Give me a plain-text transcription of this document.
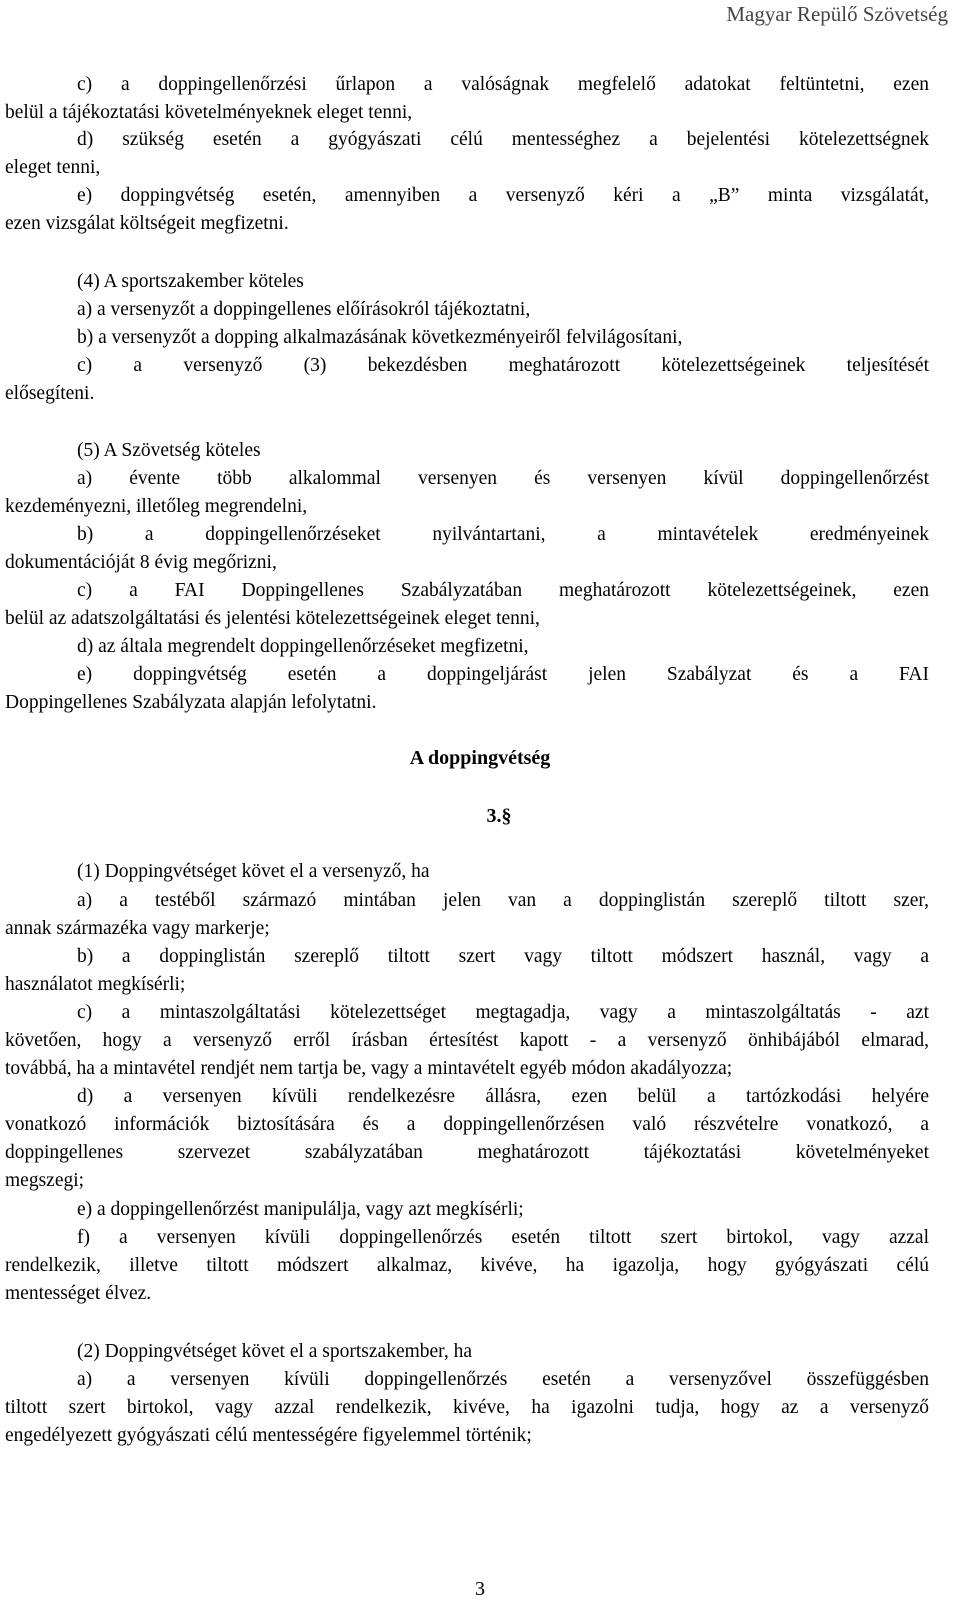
Magyar Repülő Szövetség
c) a doppingellenőrzési űrlapon a valóságnak megfelelő adatokat feltüntetni, ezen
belül a tájékoztatási követelményeknek eleget tenni,
d) szükség esetén a gyógyászati célú mentességhez a bejelentési kötelezettségnek
eleget tenni,
e) doppingvétség esetén, amennyiben a versenyző kéri a „B” minta vizsgálatát,
ezen vizsgálat költségeit megfizetni.
(4) A sportszakember köteles
a) a versenyzőt a doppingellenes előírásokról tájékoztatni,
b) a versenyzőt a dopping alkalmazásának következményeiről felvilágosítani,
c) a versenyző (3) bekezdésben meghatározott kötelezettségeinek teljesítését
elősegíteni.
(5) A Szövetség köteles
a) évente több alkalommal versenyen és versenyen kívül doppingellenőrzést
kezdeményezni, illetőleg megrendelni,
b) a doppingellenőrzéseket nyilvántartani, a mintavételek eredményeinek
dokumentációját 8 évig megőrizni,
c) a FAI Doppingellenes Szabályzatában meghatározott kötelezettségeinek, ezen
belül az adatszolgáltatási és jelentési kötelezettségeinek eleget tenni,
d) az általa megrendelt doppingellenőrzéseket megfizetni,
e) doppingvétség esetén a doppingeljárást jelen Szabályzat és a FAI
Doppingellenes Szabályzata alapján lefolytatni.
A doppingvétség
3.§
(1) Doppingvétséget követ el a versenyző, ha
a) a testéből származó mintában jelen van a doppinglistán szereplő tiltott szer,
annak származéka vagy markerje;
b) a doppinglistán szereplő tiltott szert vagy tiltott módszert használ, vagy a
használatot megkísérli;
c) a mintaszolgáltatási kötelezettséget megtagadja, vagy a mintaszolgáltatás - azt
követően, hogy a versenyző erről írásban értesítést kapott - a versenyző önhibájából elmarad,
továbbá, ha a mintavétel rendjét nem tartja be, vagy a mintavételt egyéb módon akadályozza;
d) a versenyen kívüli rendelkezésre állásra, ezen belül a tartózkodási helyére
vonatkozó információk biztosítására és a doppingellenőrzésen való részvételre vonatkozó, a
doppingellenes szervezet szabályzatában meghatározott tájékoztatási követelményeket
megszegi;
e) a doppingellenőrzést manipulálja, vagy azt megkísérli;
f) a versenyen kívüli doppingellenőrzés esetén tiltott szert birtokol, vagy azzal
rendelkezik, illetve tiltott módszert alkalmaz, kivéve, ha igazolja, hogy gyógyászati célú
mentességet élvez.
(2) Doppingvétséget követ el a sportszakember, ha
a) a versenyen kívüli doppingellenőrzés esetén a versenyzővel összefüggésben
tiltott szert birtokol, vagy azzal rendelkezik, kivéve, ha igazolni tudja, hogy az a versenyző
engedélyezett gyógyászati célú mentességére figyelemmel történik;
3
